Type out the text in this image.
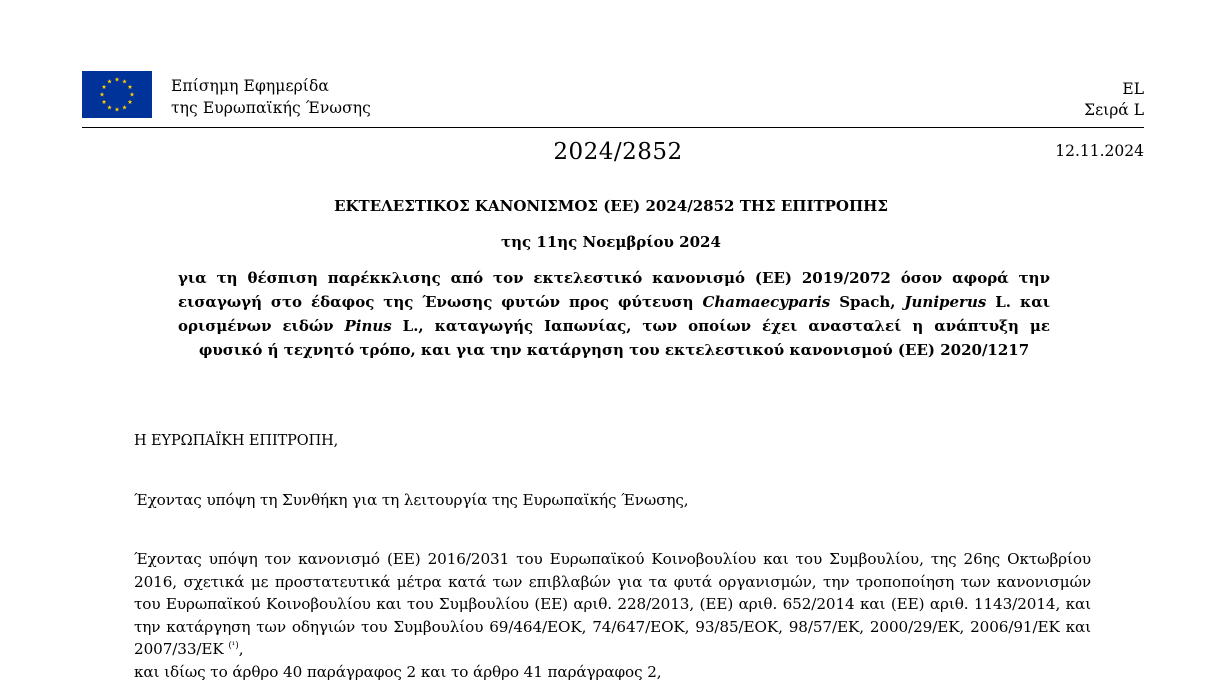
Επίσημη Εφημερίδα
της Ευρωπαϊκής Ένωσης
EL
Σειρά L
2024/2852	12.11.2024
ΕΚΤΕΛΕΣΤΙΚΟΣ ΚΑΝΟΝΙΣΜΟΣ (ΕΕ) 2024/2852 ΤΗΣ ΕΠΙΤΡΟΠΗΣ
της 11ης Νοεμβρίου 2024
για τη θέσπιση παρέκκλισης από τον εκτελεστικό κανονισμό (ΕΕ) 2019/2072 όσον αφορά την εισαγωγή στο έδαφος της Ένωσης φυτών προς φύτευση Chamaecyparis Spach, Juniperus L. και ορισμένων ειδών Pinus L., καταγωγής Ιαπωνίας, των οποίων έχει ανασταλεί η ανάπτυξη με φυσικό ή τεχνητό τρόπο, και για την κατάργηση του εκτελεστικού κανονισμού (ΕΕ) 2020/1217
Η ΕΥΡΩΠΑΪΚΗ ΕΠΙΤΡΟΠΗ,
Έχοντας υπόψη τη Συνθήκη για τη λειτουργία της Ευρωπαϊκής Ένωσης,
Έχοντας υπόψη τον κανονισμό (ΕΕ) 2016/2031 του Ευρωπαϊκού Κοινοβουλίου και του Συμβουλίου, της 26ης Οκτωβρίου 2016, σχετικά με προστατευτικά μέτρα κατά των επιβλαβών για τα φυτά οργανισμών, την τροποποίηση των κανονισμών του Ευρωπαϊκού Κοινοβουλίου και του Συμβουλίου (ΕΕ) αριθ. 228/2013, (ΕΕ) αριθ. 652/2014 και (ΕΕ) αριθ. 1143/2014, και την κατάργηση των οδηγιών του Συμβουλίου 69/464/ΕΟΚ, 74/647/ΕΟΚ, 93/85/ΕΟΚ, 98/57/ΕΚ, 2000/29/ΕΚ, 2006/91/ΕΚ και 2007/33/ΕΚ $^{(^1)}$,
και ιδίως το άρθρο 40 παράγραφος 2 και το άρθρο 41 παράγραφος 2,
